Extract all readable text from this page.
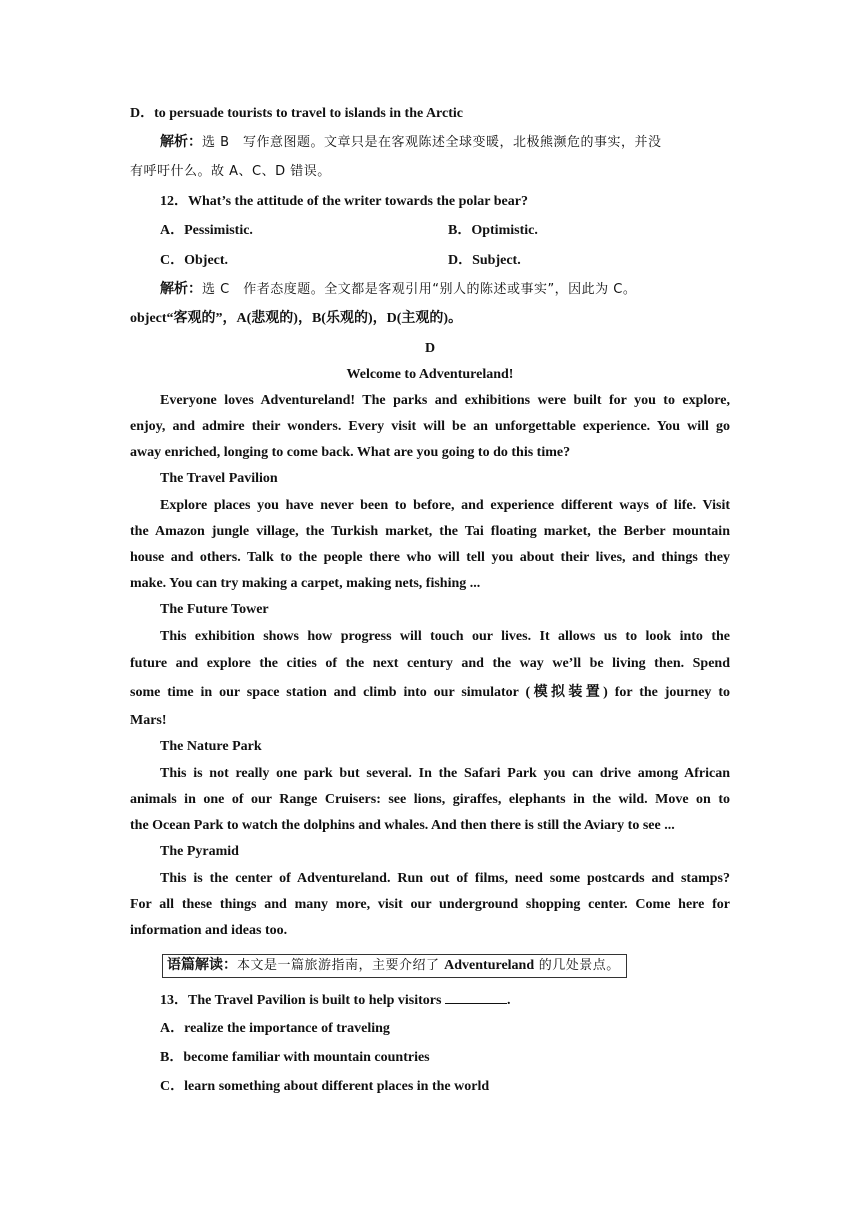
D．to persuade tourists to travel to islands in the Arctic
解析：选 B　写作意图题。文章只是在客观陈述全球变暖，北极熊濒危的事实，并没
有呼吁什么。故 A、C、D 错误。
12．What’s the attitude of the writer towards the polar bear?
A．Pessimistic.	B．Optimistic.
C．Object.	D．Subject.
解析：选 C　作者态度题。全文都是客观引用“别人的陈述或事实”，因此为 C。
object“客观的”，A(悲观的)，B(乐观的)，D(主观的)。
D
Welcome to Adventureland!
Everyone loves Adventureland! The parks and exhibitions were built for you to explore,
enjoy, and admire their wonders. Every visit will be an unforgettable experience. You will go
away enriched, longing to come back. What are you going to do this time?
The Travel Pavilion
Explore places you have never been to before, and experience different ways of life. Visit
the Amazon jungle village, the Turkish market, the Tai floating market, the Berber mountain
house and others. Talk to the people there who will tell you about their lives, and things they
make. You can try making a carpet, making nets, fishing ...
The Future Tower
This exhibition shows how progress will touch our lives. It allows us to look into the
future and explore the cities of the next century and the way we’ll be living then. Spend
some time in our space station and climb into our simulator (模拟装置) for the journey to
Mars!
The Nature Park
This is not really one park but several. In the Safari Park you can drive among African
animals in one of our Range Cruisers: see lions, giraffes, elephants in the wild. Move on to
the Ocean Park to watch the dolphins and whales. And then there is still the Aviary to see ...
The Pyramid
This is the center of Adventureland. Run out of films, need some postcards and stamps?
For all these things and many more, visit our underground shopping center. Come here for
information and ideas too.
语篇解读：本文是一篇旅游指南，主要介绍了 Adventureland 的几处景点。
13．The Travel Pavilion is built to help visitors	.
A．realize the importance of traveling
B．become familiar with mountain countries
C．learn something about different places in the world
